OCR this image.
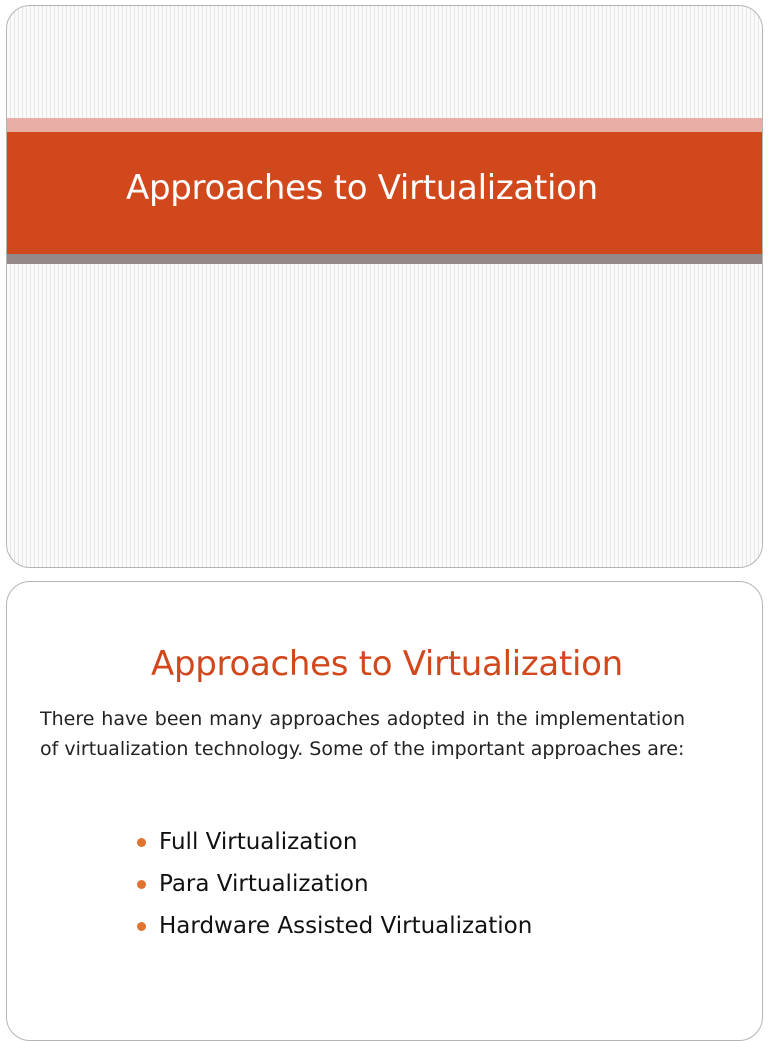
Approaches to Virtualization
Approaches to Virtualization

There have been many approaches adopted in the implementation of virtualization technology. Some of the important approaches are:

Full Virtualization
Para Virtualization
Hardware Assisted Virtualization
